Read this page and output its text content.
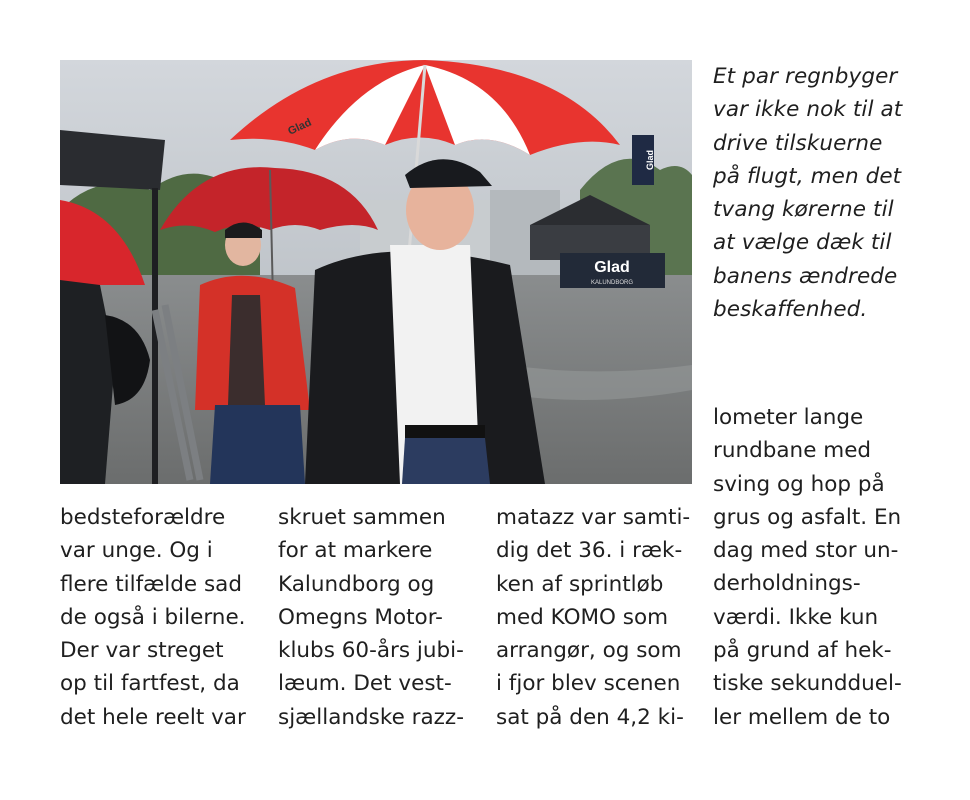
Glad
KALUNDBORG
Glad
Glad
Et par regnbyger
var ikke nok til at
drive tilskuerne
på flugt, men det
tvang kørerne til
at vælge dæk til
banens ændrede
beskaffenhed.
bedsteforældre
var unge. Og i
flere tilfælde sad
de også i bilerne.
Der var streget
op til fartfest, da
det hele reelt var
skruet sammen
for at markere
Kalundborg og
Omegns Motor-
klubs 60-års jubi-
læum. Det vest-
sjællandske razz-
matazz var samti-
dig det 36. i ræk-
ken af sprintløb
med KOMO som
arrangør, og som
i fjor blev scenen
sat på den 4,2 ki-
lometer lange
rundbane med
sving og hop på
grus og asfalt. En
dag med stor un-
derholdnings-
værdi. Ikke kun
på grund af hek-
tiske sekundduel-
ler mellem de to
